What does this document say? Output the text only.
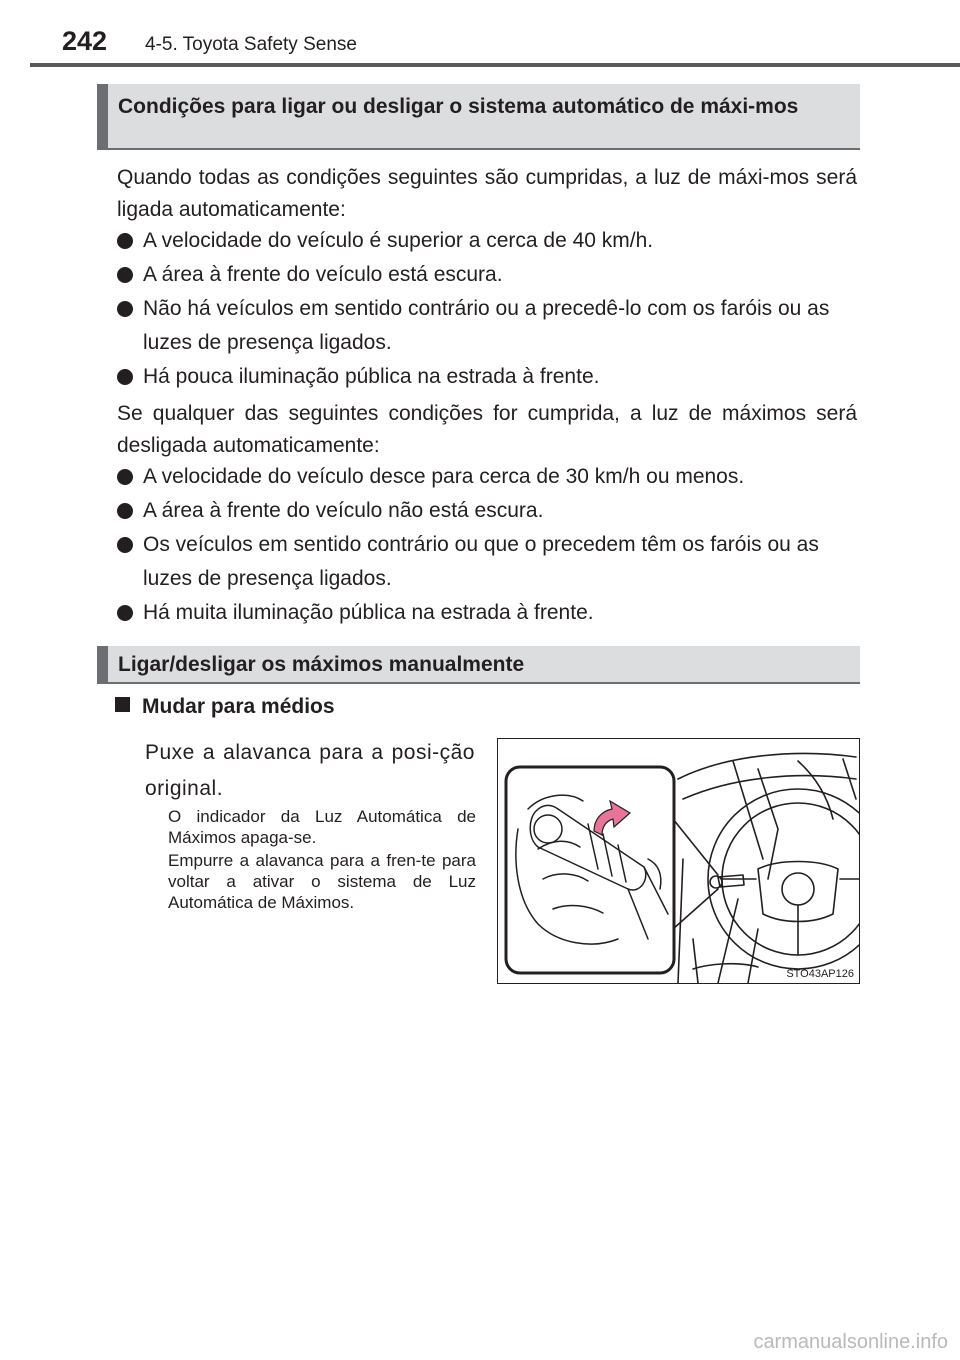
242 4-5. Toyota Safety Sense
Condições para ligar ou desligar o sistema automático de máxi-mos
Quando todas as condições seguintes são cumpridas, a luz de máxi-mos será ligada automaticamente:
A velocidade do veículo é superior a cerca de 40 km/h.
A área à frente do veículo está escura.
Não há veículos em sentido contrário ou a precedê-lo com os faróis ou as luzes de presença ligados.
Há pouca iluminação pública na estrada à frente.
Se qualquer das seguintes condições for cumprida, a luz de máximos será desligada automaticamente:
A velocidade do veículo desce para cerca de 30 km/h ou menos.
A área à frente do veículo não está escura.
Os veículos em sentido contrário ou que o precedem têm os faróis ou as luzes de presença ligados.
Há muita iluminação pública na estrada à frente.
Ligar/desligar os máximos manualmente
Mudar para médios
Puxe a alavanca para a posi-ção original.
O indicador da Luz Automática de Máximos apaga-se.
Empurre a alavanca para a fren-te para voltar a ativar o sistema de Luz Automática de Máximos.
STO43AP126
carmanualsonline.info
